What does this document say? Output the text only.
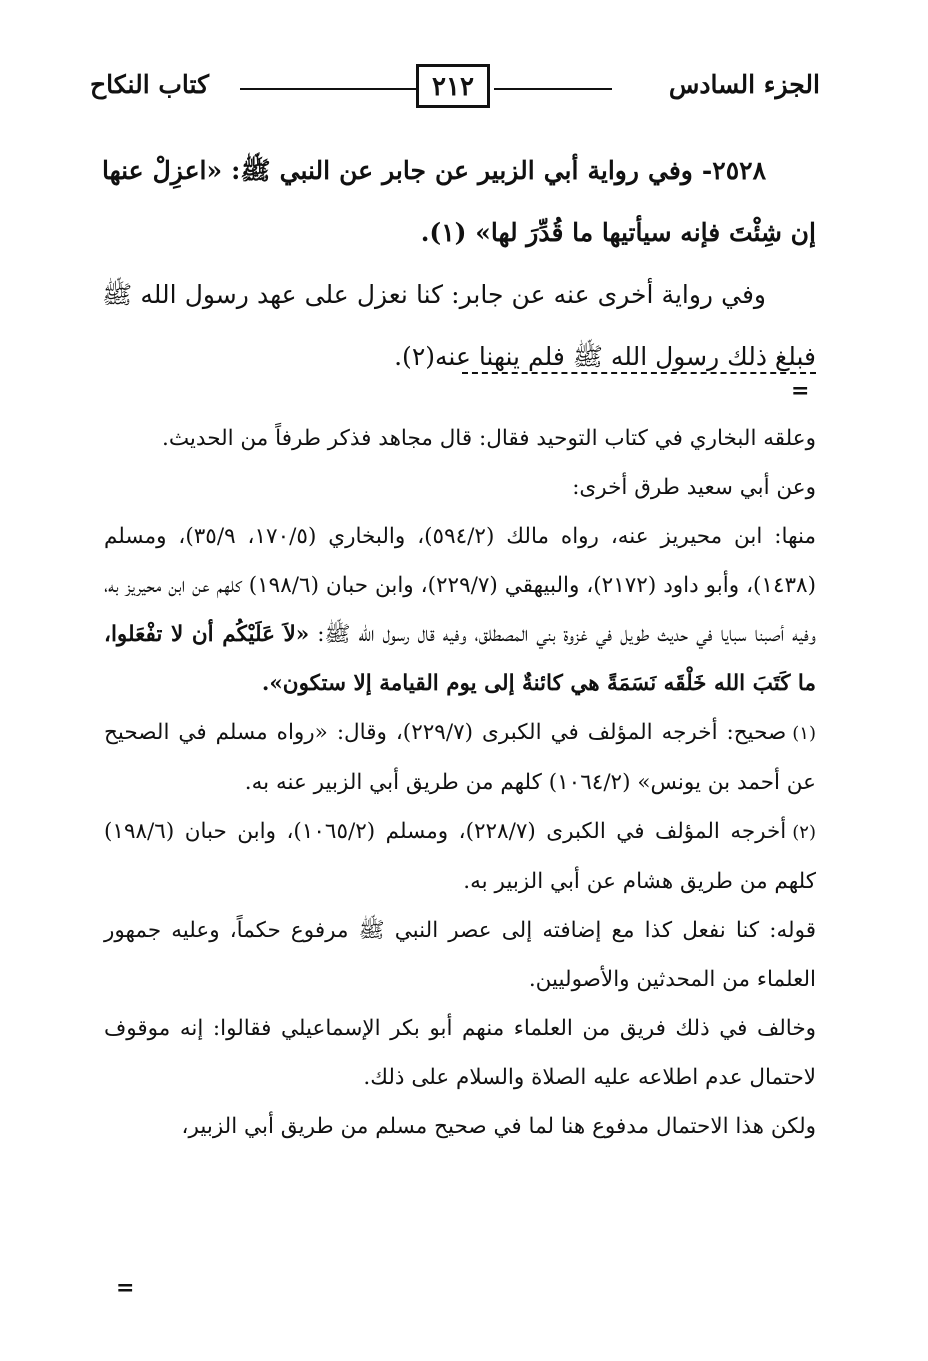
الجزء السادس
٢١٢
كتاب النكاح

٢٥٢٨- وفي رواية أبي الزبير عن جابر عن النبي ﷺ: «اعزِلْ عنها إن شِئْتَ فإنه سيأتيها ما قُدِّرَ لها» (١).

وفي رواية أخرى عنه عن جابر: كنا نعزل على عهد رسول الله ﷺ فبلغ ذلك رسول الله ﷺ فلم ينهنا عنه(٢).

=

وعلقه البخاري في كتاب التوحيد فقال: قال مجاهد فذكر طرفاً من الحديث.

وعن أبي سعيد طرق أخرى:

منها: ابن محيريز عنه، رواه مالك (٥٩٤/٢)، والبخاري (١٧٠/٥، ٣٥/٩)، ومسلم (١٤٣٨)، وأبو داود (٢١٧٢)، والبيهقي (٢٢٩/٧)، وابن حبان (١٩٨/٦) كلهم عن ابن محيريز به، وفيه أصبنا سبايا في حديث طويل في غزوة بني المصطلق، وفيه قال رسول الله ﷺ: «لاَ عَلَيْكُم أن لا تفْعَلوا، ما كَتَبَ الله خَلْقَه نَسَمَةً هي كائنةٌ إلى يوم القيامة إلا ستكون».

(١)صحيح: أخرجه المؤلف في الكبرى (٢٢٩/٧)، وقال: «رواه مسلم في الصحيح عن أحمد بن يونس» (١٠٦٤/٢) كلهم من طريق أبي الزبير عنه به.

(٢)أخرجه المؤلف في الكبرى (٢٢٨/٧)، ومسلم (١٠٦٥/٢)، وابن حبان (١٩٨/٦) كلهم من طريق هشام عن أبي الزبير به.

قوله: كنا نفعل كذا مع إضافته إلى عصر النبي ﷺ مرفوع حكماً، وعليه جمهور العلماء من المحدثين والأصوليين.

وخالف في ذلك فريق من العلماء منهم أبو بكر الإسماعيلي فقالوا: إنه موقوف لاحتمال عدم اطلاعه عليه الصلاة والسلام على ذلك.

ولكن هذا الاحتمال مدفوع هنا لما في صحيح مسلم من طريق أبي الزبير،

=
